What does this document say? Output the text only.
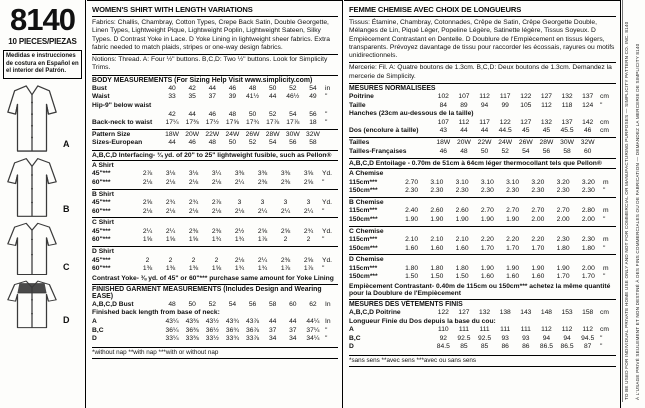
8140
10 PIECES/PIEZAS
Medidas e instrucciones de costura en Español en el interior del Patrón.
A
B
C
D
WOMEN'S SHIRT WITH LENGTH VARIATIONS
Fabrics: Challis, Chambray, Cotton Types, Crepe Back Satin, Double Georgette, Linen Types, Lightweight Pique, Lightweight Poplin, Lightweight Sateen, Silky Types. D Contrast Yoke in Lace. D Yoke Lining in lightweight sheer fabrics. Extra fabric needed to match plaids, stripes or one-way design fabrics.
Notions: Thread. A: Four ½" buttons. B,C,D: Two ½" buttons. Look for Simplicity Trims.
BODY MEASUREMENTS (For Sizing Help Visit www.simplicity.com)
Bust	40	42	44	46	48	50	52	54	in
Waist	33	35	37	39	41½	44	46½	49	"
Hip-9" below waist
42	44	46	48	50	52	54	56	"
Back-neck to waist	17¼	17⅜	17½	17⅝	17¾	17⅞	17⅞	18	"
Pattern Size	18W 20W 22W 24W 26W 28W 30W 32W
Sizes-European	44	46	48	50	52	54	56	58
A,B,C,D Interfacing- ¾ yd. of 20" to 25" lightweight fusible, such as Pellon®
A Shirt
45"***	2⅞	3⅛	3⅛	3¼	3⅜	3⅜	3⅜	3⅝	Yd.
60"***	2⅛	2⅛	2⅛	2⅛	2¼	2⅜	2⅜	2⅝	"
B Shirt
45"***	2⅝	2¾	2¾	2⅞	3	3	3	3	Yd.
60"***	2⅛	2⅛	2⅛	2⅛	2⅛	2¼	2¼	2¼	"
C Shirt
45"***	2¼	2¼	2⅜	2⅜	2½	2⅝	2⅝	2¾	Yd.
60"***	1⅝	1⅝	1⅝	1¾	1¾	1⅞	2	2	"
D Shirt
45"***	2	2	2	2	2⅛	2¼	2⅜	2⅝	Yd.
60"***	1⅜	1⅜	1⅜	1⅝	1¾	1¾	1⅞	1⅞	"
Contrast Yoke- ⅜ yd. of 45" or 60"*** purchase same amount for Yoke Lining
FINISHED GARMENT MEASUREMENTS (Includes Design and Wearing EASE)
A,B,C,D Bust	48	50	52	54	56	58	60	62	In
Finished back length from base of neck:
A	43¼	43⅜	43½	43¾	43⅞	44	44	44¼ In
B,C	36¼	36⅜	36½	36¾	36⅞	37	37	37¼ "
D	33¼	33⅜	33½	33¾	33⅞	34	34	34¼ "
*without nap **with nap ***with or without nap
FEMME CHEMISE AVEC CHOIX DE LONGUEURS
Tissus: Étamine, Chambray, Cotonnades, Crêpe de Satin, Crêpe Georgette Double, Mélanges de Lin, Piqué Léger, Popeline Légère, Satinette légère, Tissus Soyeux. D Empiècement Contrastant en Dentelle. D Doublure de l'Empiècement en tissus légers, transparents. Prévoyez davantage de tissu pour raccorder les écossais, rayures ou motifs unidirectionnels.
Mercerie: Fil. A: Quatre boutons de 1.3cm. B,C,D: Deux boutons de 1.3cm. Demandez la mercerie de Simplicity.
MESURES NORMALISEES
Poitrine	102	107	112	117	122	127	132	137	cm
Taille	84	89	94	99	105	112	118	124	"
Hanches (23cm au-dessous de la taille)
107	112	117	122	127	132	137	142	cm
Dos (encolure à taille)	43	44	44	44.5	45	45	45.5	46	cm
Tailles	18W	20W	22W	24W	26W	28W	30W	32W
Tailles-Françaises	46	48	50	52	54	56	58	60
A,B,C,D Entoilage - 0.70m de 51cm à 64cm léger thermocollant tels que Pellon®
A Chemise
115cm***	2.70	3.10	3.10	3.10	3.10	3.20	3.20	3.20	m
150cm***	2.30	2.30	2.30	2.30	2.30	2.30	2.30	2.30	"
B Chemise
115cm***	2.40	2.60	2.60	2.70	2.70	2.70	2.70	2.80	m
150cm***	1.90	1.90	1.90	1.90	1.90	2.00	2.00	2.00	"
C Chemise
115cm***	2.10	2.10	2.10	2.20	2.20	2.20	2.30	2.30	m
150cm***	1.60	1.60	1.60	1.70	1.70	1.70	1.80	1.80	"
D Chemise
115cm***	1.80	1.80	1.80	1.90	1.90	1.90	1.90	2.00	m
150cm***	1.50	1.50	1.50	1.60	1.60	1.60	1.70	1.70	"
Empiècement Contrastant- 0.40m de 115cm ou 150cm*** achetez la même quantité pour la Doublure de l'Empiècement
MESURES DES VÊTEMENTS FINIS
A,B,C,D Poitrine	122	127	132	138	143	148	153	158	cm
Longueur Finie du Dos depuis la base du cou:
A	110	111	111	111	111	112	112	112	cm
B,C	92	92.5	92.5	93	93	94	94	94.5 "
D	84.5	85	85	86	86	86.5	86.5	87	"
*sans sens **avec sens ***avec ou sans sens	TO BE USED FOR INDIVIDUAL PRIVATE HOME USE ONLY AND NOT FOR COMMERCIAL OR MANUFACTURING PURPOSES — SIMPLICITY PATTERN CO. INC. 8140	À L'USAGE PRIVÉ SEULEMENT ET NON DESTINÉ À DES FINS COMMERCIALES OU DE FABRICATION — DEMANDEZ LA MERCERIE DE SIMPLICITY 8140
